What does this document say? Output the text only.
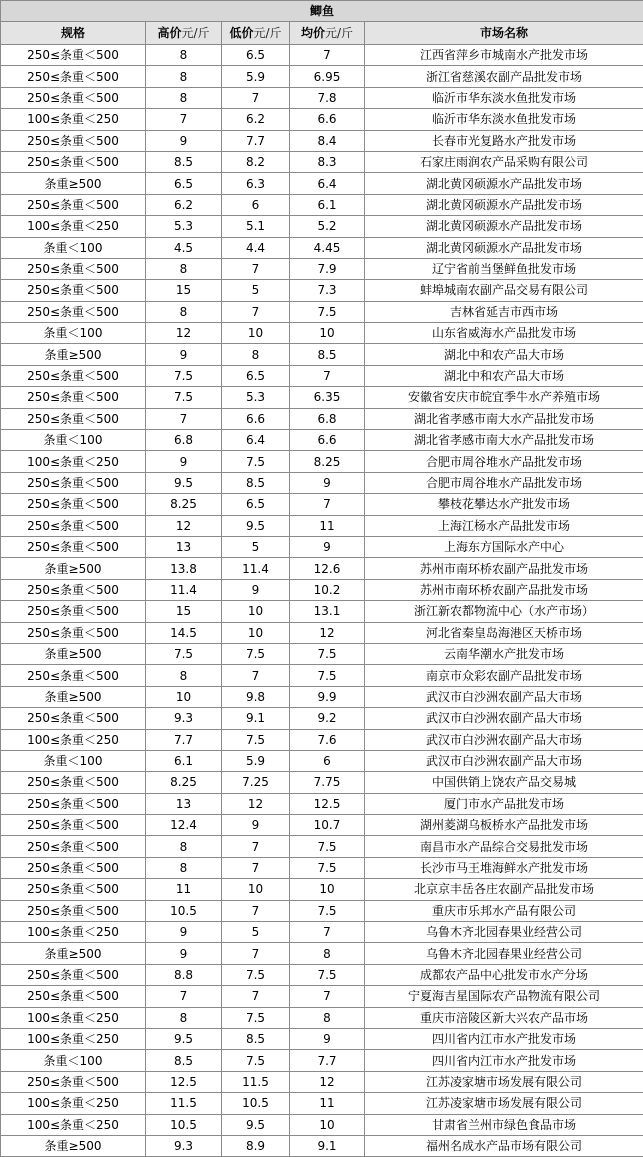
鲫鱼				
规格	高价元/斤	低价元/斤	均价元/斤	市场名称
250≤条重＜500	8	6.5	7	江西省萍乡市城南水产批发市场
250≤条重＜500	8	5.9	6.95	浙江省慈溪农副产品批发市场
250≤条重＜500	8	7	7.8	临沂市华东淡水鱼批发市场
100≤条重＜250	7	6.2	6.6	临沂市华东淡水鱼批发市场
250≤条重＜500	9	7.7	8.4	长春市光复路水产批发市场
250≤条重＜500	8.5	8.2	8.3	石家庄雨润农产品采购有限公司
条重≥500	6.5	6.3	6.4	湖北黄冈硕源水产品批发市场
250≤条重＜500	6.2	6	6.1	湖北黄冈硕源水产品批发市场
100≤条重＜250	5.3	5.1	5.2	湖北黄冈硕源水产品批发市场
条重＜100	4.5	4.4	4.45	湖北黄冈硕源水产品批发市场
250≤条重＜500	8	7	7.9	辽宁省前当堡鲜鱼批发市场
250≤条重＜500	15	5	7.3	蚌埠城南农副产品交易有限公司
250≤条重＜500	8	7	7.5	吉林省延吉市西市场
条重＜100	12	10	10	山东省威海水产品批发市场
条重≥500	9	8	8.5	湖北中和农产品大市场
250≤条重＜500	7.5	6.5	7	湖北中和农产品大市场
250≤条重＜500	7.5	5.3	6.35	安徽省安庆市皖宜季牛水产养殖市场
250≤条重＜500	7	6.6	6.8	湖北省孝感市南大水产品批发市场
条重＜100	6.8	6.4	6.6	湖北省孝感市南大水产品批发市场
100≤条重＜250	9	7.5	8.25	合肥市周谷堆水产品批发市场
250≤条重＜500	9.5	8.5	9	合肥市周谷堆水产品批发市场
250≤条重＜500	8.25	6.5	7	攀枝花攀达水产批发市场
250≤条重＜500	12	9.5	11	上海江杨水产品批发市场
250≤条重＜500	13	5	9	上海东方国际水产中心
条重≥500	13.8	11.4	12.6	苏州市南环桥农副产品批发市场
250≤条重＜500	11.4	9	10.2	苏州市南环桥农副产品批发市场
250≤条重＜500	15	10	13.1	浙江新农都物流中心（水产市场）
250≤条重＜500	14.5	10	12	河北省秦皇岛海港区天桥市场
条重≥500	7.5	7.5	7.5	云南华潮水产批发市场
250≤条重＜500	8	7	7.5	南京市众彩农副产品批发市场
条重≥500	10	9.8	9.9	武汉市白沙洲农副产品大市场
250≤条重＜500	9.3	9.1	9.2	武汉市白沙洲农副产品大市场
100≤条重＜250	7.7	7.5	7.6	武汉市白沙洲农副产品大市场
条重＜100	6.1	5.9	6	武汉市白沙洲农副产品大市场
250≤条重＜500	8.25	7.25	7.75	中国供销上饶农产品交易城
250≤条重＜500	13	12	12.5	厦门市水产品批发市场
250≤条重＜500	12.4	9	10.7	湖州菱湖乌板桥水产品批发市场
250≤条重＜500	8	7	7.5	南昌市水产品综合交易批发市场
250≤条重＜500	8	7	7.5	长沙市马王堆海鲜水产批发市场
250≤条重＜500	11	10	10	北京京丰岳各庄农副产品批发市场
250≤条重＜500	10.5	7	7.5	重庆市乐邦水产品有限公司
100≤条重＜250	9	5	7	乌鲁木齐北园春果业经营公司
条重≥500	9	7	8	乌鲁木齐北园春果业经营公司
250≤条重＜500	8.8	7.5	7.5	成都农产品中心批发市水产分场
250≤条重＜500	7	7	7	宁夏海吉星国际农产品物流有限公司
100≤条重＜250	8	7.5	8	重庆市涪陵区新大兴农产品市场
100≤条重＜250	9.5	8.5	9	四川省内江市水产批发市场
条重＜100	8.5	7.5	7.7	四川省内江市水产批发市场
250≤条重＜500	12.5	11.5	12	江苏凌家塘市场发展有限公司
100≤条重＜250	11.5	10.5	11	江苏凌家塘市场发展有限公司
100≤条重＜250	10.5	9.5	10	甘肃省兰州市绿色食品市场
条重≥500	9.3	8.9	9.1	福州名成水产品市场有限公司
